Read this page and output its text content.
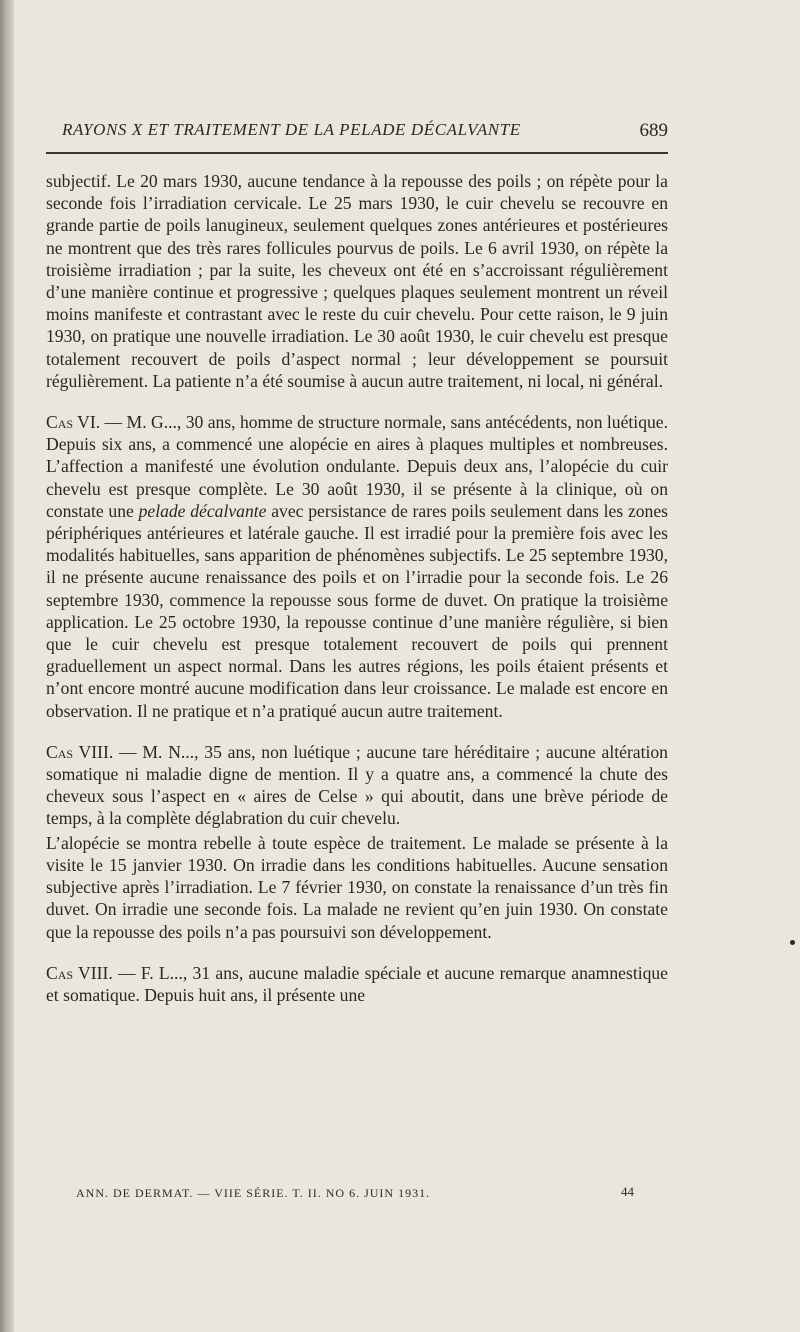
RAYONS X ET TRAITEMENT DE LA PELADE DÉCALVANTE	689

subjectif. Le 20 mars 1930, aucune tendance à la repousse des poils ; on répète pour la seconde fois l’irradiation cervicale. Le 25 mars 1930, le cuir chevelu se recouvre en grande partie de poils lanugineux, seulement quelques zones antérieures et postérieures ne montrent que des très rares follicules pourvus de poils. Le 6 avril 1930, on répète la troisième irradiation ; par la suite, les cheveux ont été en s’accroissant régulièrement d’une manière continue et progressive ; quelques plaques seulement montrent un réveil moins manifeste et contrastant avec le reste du cuir chevelu. Pour cette raison, le 9 juin 1930, on pratique une nouvelle irradiation. Le 30 août 1930, le cuir chevelu est presque totalement recouvert de poils d’aspect normal ; leur développement se poursuit régulièrement. La patiente n’a été soumise à aucun autre traitement, ni local, ni général.

Cas VI. — M. G..., 30 ans, homme de structure normale, sans antécédents, non luétique. Depuis six ans, a commencé une alopécie en aires à plaques multiples et nombreuses. L’affection a manifesté une évolution ondulante. Depuis deux ans, l’alopécie du cuir chevelu est presque complète. Le 30 août 1930, il se présente à la clinique, où on constate une pelade décalvante avec persistance de rares poils seulement dans les zones périphériques antérieures et latérale gauche. Il est irradié pour la première fois avec les modalités habituelles, sans apparition de phénomènes subjectifs. Le 25 septembre 1930, il ne présente aucune renaissance des poils et on l’irradie pour la seconde fois. Le 26 septembre 1930, commence la repousse sous forme de duvet. On pratique la troisième application. Le 25 octobre 1930, la repousse continue d’une manière régulière, si bien que le cuir chevelu est presque totalement recouvert de poils qui prennent graduellement un aspect normal. Dans les autres régions, les poils étaient présents et n’ont encore montré aucune modification dans leur croissance. Le malade est encore en observation. Il ne pratique et n’a pratiqué aucun autre traitement.

Cas VIII. — M. N..., 35 ans, non luétique ; aucune tare héréditaire ; aucune altération somatique ni maladie digne de mention. Il y a quatre ans, a commencé la chute des cheveux sous l’aspect en « aires de Celse » qui aboutit, dans une brève période de temps, à la complète déglabration du cuir chevelu.

L’alopécie se montra rebelle à toute espèce de traitement. Le malade se présente à la visite le 15 janvier 1930. On irradie dans les conditions habituelles. Aucune sensation subjective après l’irradiation. Le 7 février 1930, on constate la renaissance d’un très fin duvet. On irradie une seconde fois. La malade ne revient qu’en juin 1930. On constate que la repousse des poils n’a pas poursuivi son développement.

Cas VIII. — F. L..., 31 ans, aucune maladie spéciale et aucune remarque anamnestique et somatique. Depuis huit ans, il présente une

ANN. DE DERMAT. — VIIE SÉRIE. T. II. NO 6. JUIN 1931.	44
